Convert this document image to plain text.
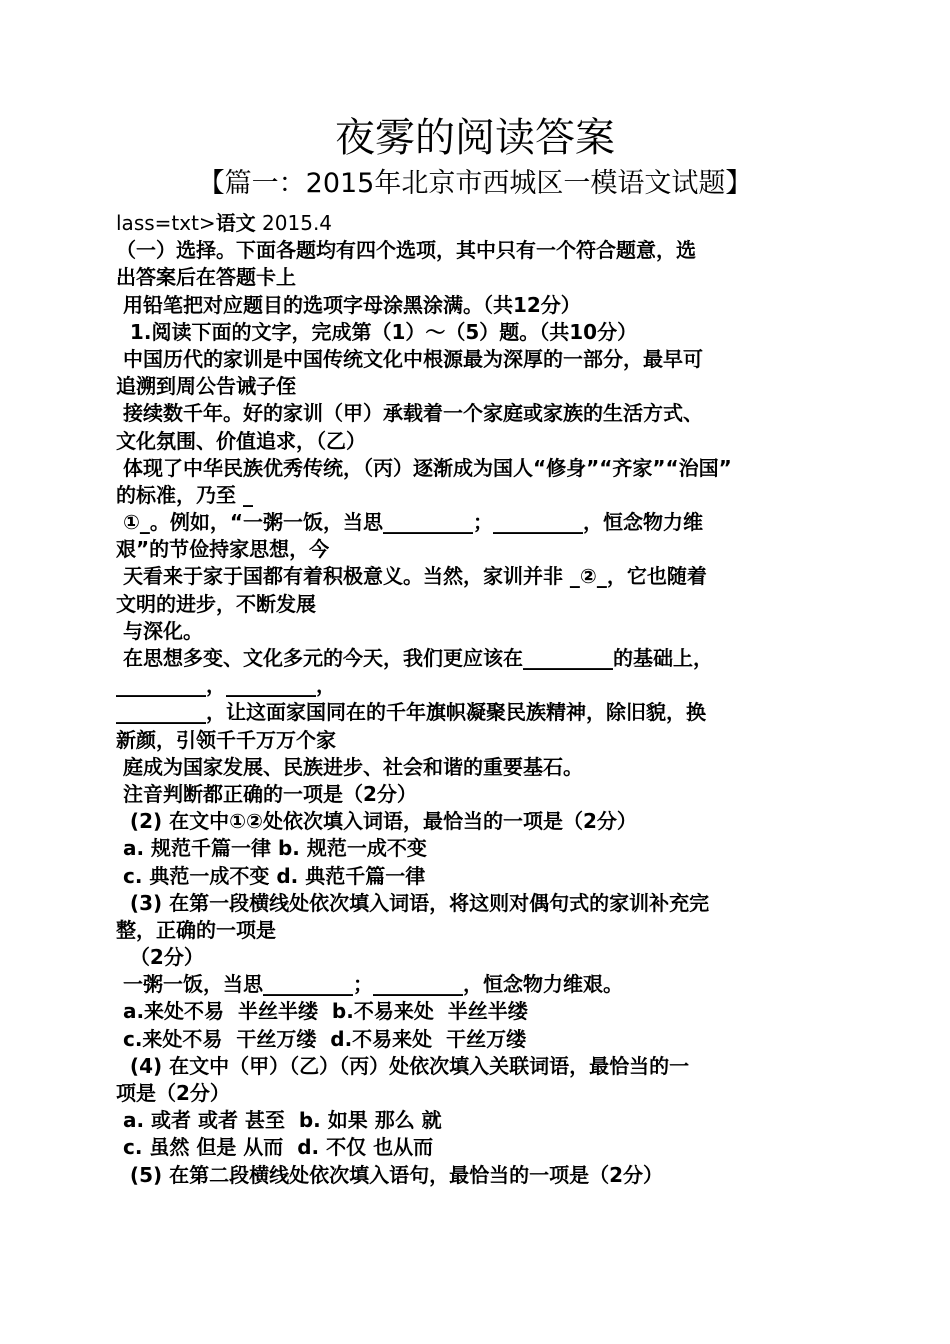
夜雾的阅读答案
【篇一：2015年北京市西城区一模语文试题】
lass=txt>语文 2015.4
（一）选择。下面各题均有四个选项，其中只有一个符合题意，选
出答案后在答题卡上
用铅笔把对应题目的选项字母涂黑涂满。（共12分）
1.阅读下面的文字，完成第（1）～（5）题。（共10分）
中国历代的家训是中国传统文化中根源最为深厚的一部分，最早可
追溯到周公告诫子侄
接续数千年。好的家训（甲）承载着一个家庭或家族的生活方式、
文化氛围、价值追求，（乙）
体现了中华民族优秀传统，（丙）逐渐成为国人“修身”“齐家”“治国”
的标准，乃至 _
①_。例如，“一粥一饭，当思_________；_________，恒念物力维
艰”的节俭持家思想，今
天看来于家于国都有着积极意义。当然，家训并非 _②_，它也随着
文明的进步，不断发展
与深化。
在思想多变、文化多元的今天，我们更应该在_________的基础上，
_________，_________，
_________，让这面家国同在的千年旗帜凝聚民族精神，除旧貌，换
新颜，引领千千万万个家
庭成为国家发展、民族进步、社会和谐的重要基石。
注音判断都正确的一项是（2分）
(2) 在文中①②处依次填入词语，最恰当的一项是（2分）
a. 规范千篇一律 b. 规范一成不变
c. 典范一成不变 d. 典范千篇一律
(3) 在第一段横线处依次填入词语，将这则对偶句式的家训补充完
整，正确的一项是
（2分）
一粥一饭，当思_________；_________，恒念物力维艰。
a.来处不易  半丝半缕  b.不易来处  半丝半缕
c.来处不易  干丝万缕  d.不易来处  干丝万缕
(4) 在文中（甲）（乙）（丙）处依次填入关联词语，最恰当的一
项是（2分）
a. 或者 或者 甚至  b. 如果 那么 就
c. 虽然 但是 从而  d. 不仅 也从而
(5) 在第二段横线处依次填入语句，最恰当的一项是（2分）
